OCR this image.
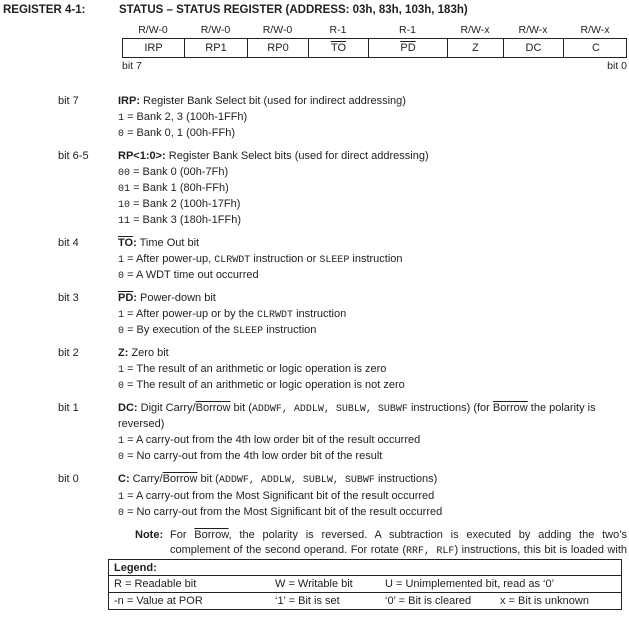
REGISTER 4-1:	STATUS – STATUS REGISTER (ADDRESS: 03h, 83h, 103h, 183h)
R/W-0	R/W-0	R/W-0	R-1	R-1	R/W-x	R/W-x	R/W-x
IRP	RP1	RP0	$\overline{TO}$	$\overline{PD}$	Z	DC	C
bit 7	bit 0
bit 7	IRP: Register Bank Select bit (used for indirect addressing)
1 = Bank 2, 3 (100h-1FFh)
0 = Bank 0, 1 (00h-FFh)
bit 6-5	RP<1:0>: Register Bank Select bits (used for direct addressing)
00 = Bank 0 (00h-7Fh)
01 = Bank 1 (80h-FFh)
10 = Bank 2 (100h-17Fh)
11 = Bank 3 (180h-1FFh)
bit 4	$\overline{TO}$: Time Out bit
1 = After power-up, CLRWDT instruction or SLEEP instruction
0 = A WDT time out occurred
bit 3	$\overline{PD}$: Power-down bit
1 = After power-up or by the CLRWDT instruction
0 = By execution of the SLEEP instruction
bit 2	Z: Zero bit
1 = The result of an arithmetic or logic operation is zero
0 = The result of an arithmetic or logic operation is not zero
bit 1	DC: Digit Carry/Borrow bit (ADDWF, ADDLW, SUBLW, SUBWF instructions) (for Borrow the polarity is reversed)
1 = A carry-out from the 4th low order bit of the result occurred
0 = No carry-out from the 4th low order bit of the result
bit 0	C: Carry/Borrow bit (ADDWF, ADDLW, SUBLW, SUBWF instructions)
1 = A carry-out from the Most Significant bit of the result occurred
0 = No carry-out from the Most Significant bit of the result occurred
Note: For Borrow, the polarity is reversed. A subtraction is executed by adding the two’s complement of the second operand. For rotate (RRF, RLF) instructions, this bit is loaded with
Legend:
R = Readable bit	W = Writable bit	U = Unimplemented bit, read as ‘0’
-n = Value at POR	‘1’ = Bit is set	‘0’ = Bit is cleared	x = Bit is unknown
